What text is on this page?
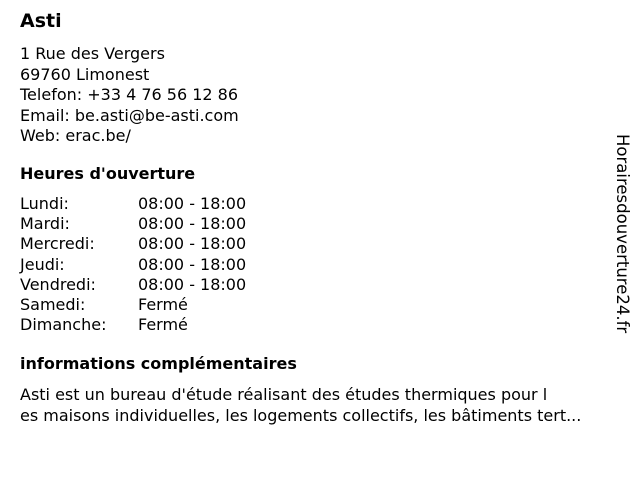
Asti
1 Rue des Vergers
69760 Limonest
Telefon: +33 4 76 56 12 86
Email: be.asti@be-asti.com
Web: erac.be/
Heures d'ouverture
Lundi:	08:00 - 18:00
Mardi:	08:00 - 18:00
Mercredi:	08:00 - 18:00
Jeudi:	08:00 - 18:00
Vendredi:	08:00 - 18:00
Samedi:	Fermé
Dimanche:	Fermé
informations complémentaires
Asti est un bureau d'étude réalisant des études thermiques pour l
es maisons individuelles, les logements collectifs, les bâtiments tert...
Horairesdouverture24.fr
